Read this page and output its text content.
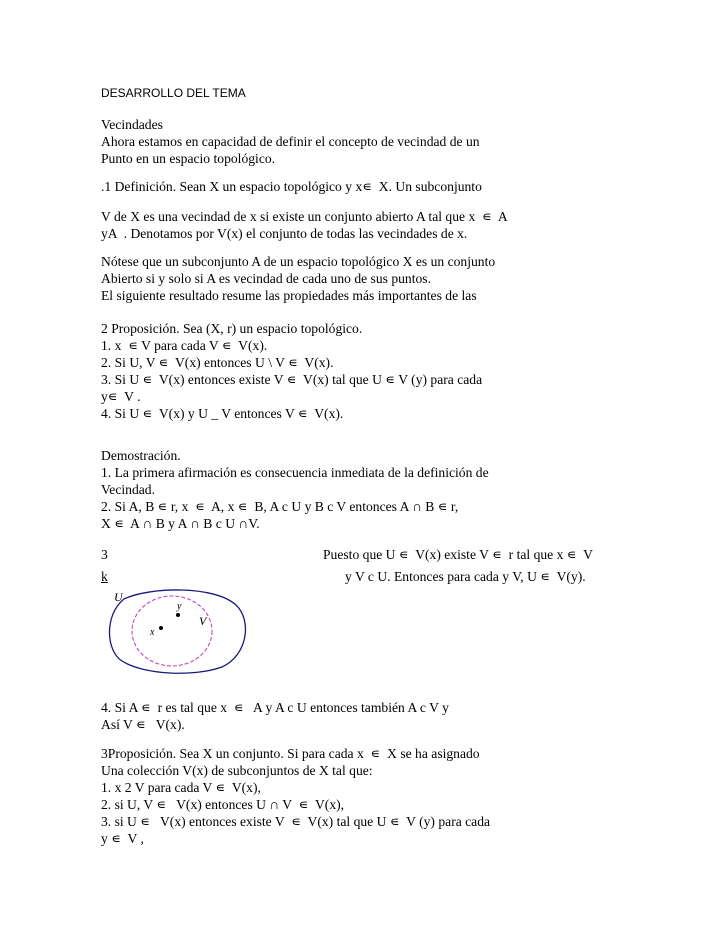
DESARROLLO DEL TEMA
Vecindades
Ahora estamos en capacidad de definir el concepto de vecindad de un
Punto en un espacio topológico.
.1 Definición. Sean X un espacio topológico y x∊  X. Un subconjunto
V de X es una vecindad de x si existe un conjunto abierto A tal que x  ∊  A
yA  . Denotamos por V(x) el conjunto de todas las vecindades de x.
Nótese que un subconjunto A de un espacio topológico X es un conjunto
Abierto si y solo si A es vecindad de cada uno de sus puntos.
El siguiente resultado resume las propiedades más importantes de las
2 Proposición. Sea (X, r) un espacio topológico.
1. x  ∊ V para cada V ∊  V(x).
2. Si U, V ∊  V(x) entonces U \ V ∊  V(x).
3. Si U ∊  V(x) entonces existe V ∊  V(x) tal que U ∊ V (y) para cada
y∊  V .
4. Si U ∊  V(x) y U _ V entonces V ∊  V(x).
Demostración.
1. La primera afirmación es consecuencia inmediata de la definición de
Vecindad.
2. Si A, B ∊ r, x  ∊  A, x ∊  B, A c U y B c V entonces A ∩ B ∊ r,
X ∊  A ∩ B y A ∩ B c U ∩V.
3
k
Puesto que U ∊  V(x) existe V ∊  r tal que x ∊  V
y V c U. Entonces para cada y V, U ∊  V(y).
U
V
x
y
4. Si A ∊  r es tal que x  ∊   A y A c U entonces también A c V y
Así V ∊   V(x).
3Proposición. Sea X un conjunto. Si para cada x  ∊  X se ha asignado
Una colección V(x) de subconjuntos de X tal que:
1. x 2 V para cada V ∊  V(x),
2. si U, V ∊   V(x) entonces U ∩ V  ∊  V(x),
3. si U ∊   V(x) entonces existe V  ∊  V(x) tal que U ∊  V (y) para cada
y ∊  V ,
